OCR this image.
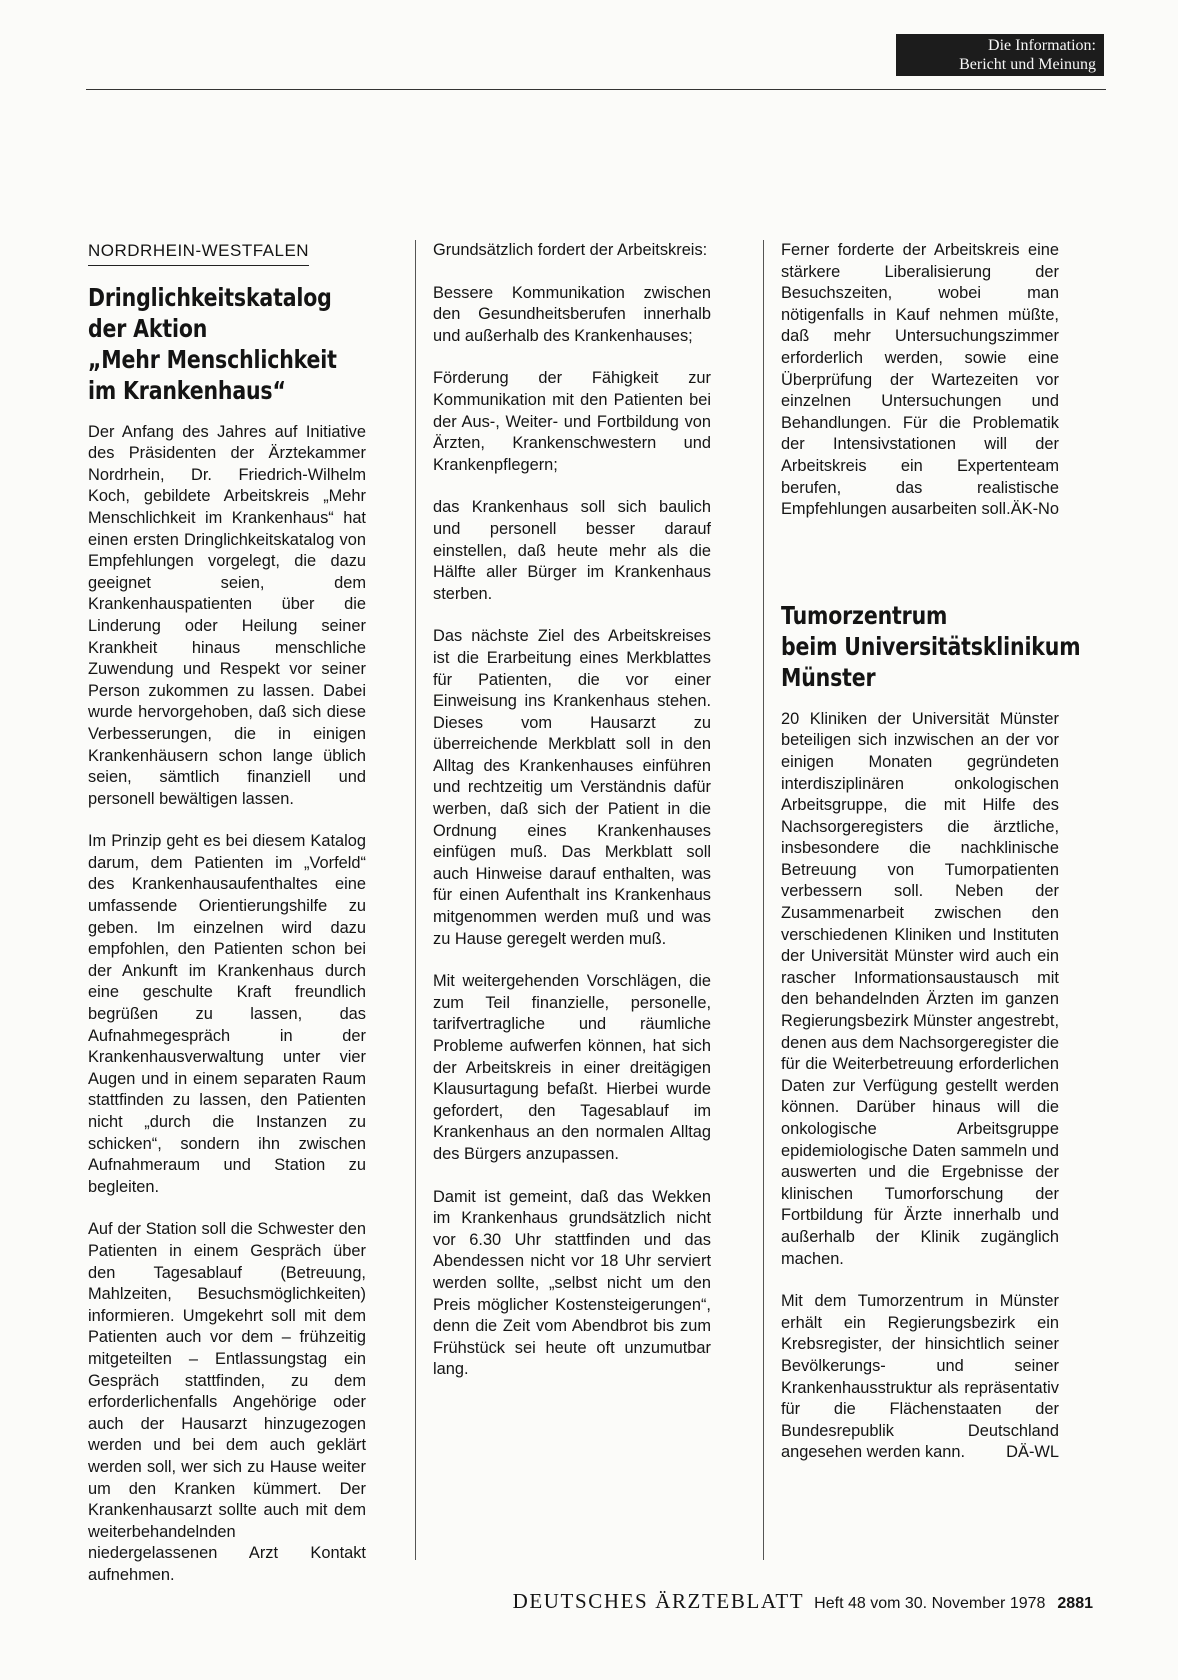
Die Information:
Bericht und Meinung
NORDRHEIN-WESTFALEN
Dringlichkeitskatalog
der Aktion
„Mehr Menschlichkeit
im Krankenhaus“

Der Anfang des Jahres auf Initiative des Präsidenten der Ärztekammer Nordrhein, Dr. Friedrich-Wilhelm Koch, gebildete Arbeitskreis „Mehr Menschlichkeit im Krankenhaus“ hat einen ersten Dringlichkeitskatalog von Empfehlungen vorgelegt, die dazu geeignet seien, dem Krankenhauspatienten über die Linderung oder Heilung seiner Krankheit hinaus menschliche Zuwendung und Respekt vor seiner Person zukommen zu lassen. Dabei wurde hervorgehoben, daß sich diese Verbesserungen, die in einigen Krankenhäusern schon lange üblich seien, sämtlich finanziell und personell bewältigen lassen.

Im Prinzip geht es bei diesem Katalog darum, dem Patienten im „Vorfeld“ des Krankenhausaufenthaltes eine umfassende Orientierungshilfe zu geben. Im einzelnen wird dazu empfohlen, den Patienten schon bei der Ankunft im Krankenhaus durch eine geschulte Kraft freundlich begrüßen zu lassen, das Aufnahmegespräch in der Krankenhausverwaltung unter vier Augen und in einem separaten Raum stattfinden zu lassen, den Patienten nicht „durch die Instanzen zu schicken“, sondern ihn zwischen Aufnahmeraum und Station zu begleiten.

Auf der Station soll die Schwester den Patienten in einem Gespräch über den Tagesablauf (Betreuung, Mahlzeiten, Besuchsmöglichkeiten) informieren. Umgekehrt soll mit dem Patienten auch vor dem – frühzeitig mitgeteilten – Entlassungstag ein Gespräch stattfinden, zu dem erforderlichenfalls Angehörige oder auch der Hausarzt hinzugezogen werden und bei dem auch geklärt werden soll, wer sich zu Hause weiter um den Kranken kümmert. Der Krankenhausarzt sollte auch mit dem weiterbehandelnden niedergelassenen Arzt Kontakt aufnehmen.

Grundsätzlich fordert der Arbeitskreis:

Bessere Kommunikation zwischen den Gesundheitsberufen innerhalb und außerhalb des Krankenhauses;

Förderung der Fähigkeit zur Kommunikation mit den Patienten bei der Aus-, Weiter- und Fortbildung von Ärzten, Krankenschwestern und Krankenpflegern;

das Krankenhaus soll sich baulich und personell besser darauf einstellen, daß heute mehr als die Hälfte aller Bürger im Krankenhaus sterben.

Das nächste Ziel des Arbeitskreises ist die Erarbeitung eines Merkblattes für Patienten, die vor einer Einweisung ins Krankenhaus stehen. Dieses vom Hausarzt zu überreichende Merkblatt soll in den Alltag des Krankenhauses einführen und rechtzeitig um Verständnis dafür werben, daß sich der Patient in die Ordnung eines Krankenhauses einfügen muß. Das Merkblatt soll auch Hinweise darauf enthalten, was für einen Aufenthalt ins Krankenhaus mitgenommen werden muß und was zu Hause geregelt werden muß.

Mit weitergehenden Vorschlägen, die zum Teil finanzielle, personelle, tarifvertragliche und räumliche Probleme aufwerfen können, hat sich der Arbeitskreis in einer dreitägigen Klausurtagung befaßt. Hierbei wurde gefordert, den Tagesablauf im Krankenhaus an den normalen Alltag des Bürgers anzupassen.

Damit ist gemeint, daß das Wekken im Krankenhaus grundsätzlich nicht vor 6.30 Uhr stattfinden und das Abendessen nicht vor 18 Uhr serviert werden sollte, „selbst nicht um den Preis möglicher Kostensteigerungen“, denn die Zeit vom Abendbrot bis zum Frühstück sei heute oft unzumutbar lang.

Ferner forderte der Arbeitskreis eine stärkere Liberalisierung der Besuchszeiten, wobei man nötigenfalls in Kauf nehmen müßte, daß mehr Untersuchungszimmer erforderlich werden, sowie eine Überprüfung der Wartezeiten vor einzelnen Untersuchungen und Behandlungen. Für die Problematik der Intensivstationen will der Arbeitskreis ein Expertenteam berufen, das realistische Empfehlungen ausarbeiten soll. ÄK-No

Tumorzentrum
beim Universitätsklinikum
Münster

20 Kliniken der Universität Münster beteiligen sich inzwischen an der vor einigen Monaten gegründeten interdisziplinären onkologischen Arbeitsgruppe, die mit Hilfe des Nachsorgeregisters die ärztliche, insbesondere die nachklinische Betreuung von Tumorpatienten verbessern soll. Neben der Zusammenarbeit zwischen den verschiedenen Kliniken und Instituten der Universität Münster wird auch ein rascher Informationsaustausch mit den behandelnden Ärzten im ganzen Regierungsbezirk Münster angestrebt, denen aus dem Nachsorgeregister die für die Weiterbetreuung erforderlichen Daten zur Verfügung gestellt werden können. Darüber hinaus will die onkologische Arbeitsgruppe epidemiologische Daten sammeln und auswerten und die Ergebnisse der klinischen Tumorforschung der Fortbildung für Ärzte innerhalb und außerhalb der Klinik zugänglich machen.

Mit dem Tumorzentrum in Münster erhält ein Regierungsbezirk ein Krebsregister, der hinsichtlich seiner Bevölkerungs- und seiner Krankenhausstruktur als repräsentativ für die Flächenstaaten der Bundesrepublik Deutschland angesehen werden kann.	DÄ-WL

DEUTSCHES ÄRZTEBLATT Heft 48 vom 30. November 1978 2881
